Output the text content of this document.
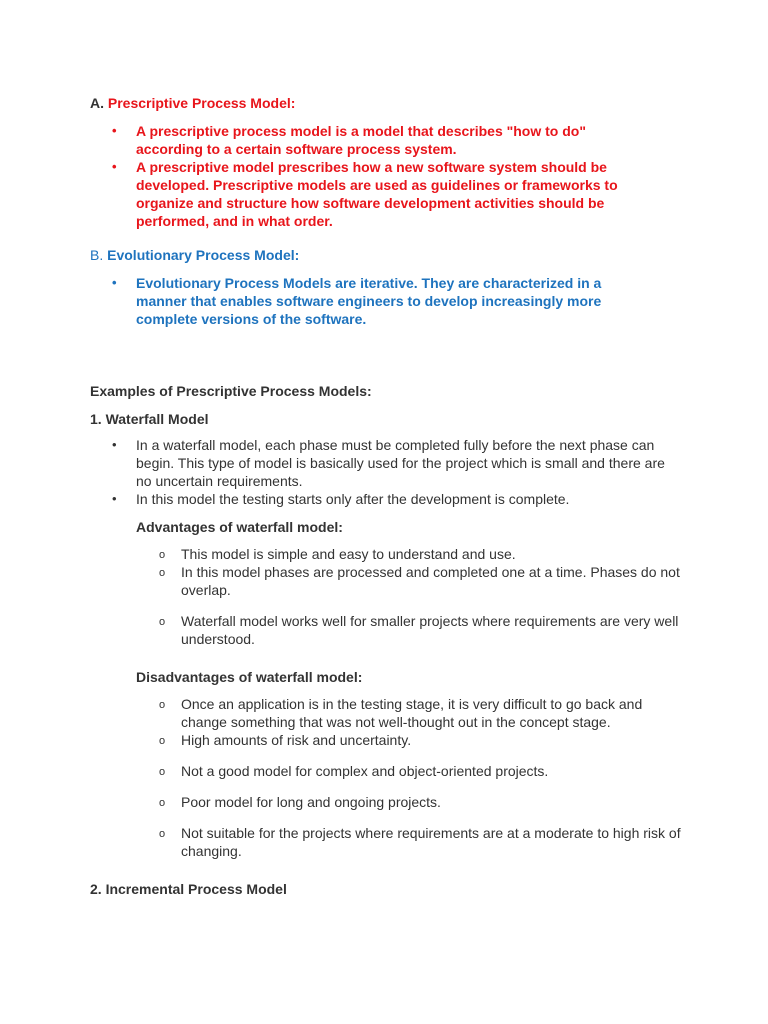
A. Prescriptive Process Model:
• A prescriptive process model is a model that describes "how to do" according to a certain software process system.
• A prescriptive model prescribes how a new software system should be developed. Prescriptive models are used as guidelines or frameworks to organize and structure how software development activities should be performed, and in what order.
B. Evolutionary Process Model:
• Evolutionary Process Models are iterative. They are characterized in a manner that enables software engineers to develop increasingly more complete versions of the software.
Examples of Prescriptive Process Models:
1. Waterfall Model
• In a waterfall model, each phase must be completed fully before the next phase can begin. This type of model is basically used for the project which is small and there are no uncertain requirements.
• In this model the testing starts only after the development is complete.
Advantages of waterfall model:
o This model is simple and easy to understand and use.
o In this model phases are processed and completed one at a time. Phases do not overlap.
o Waterfall model works well for smaller projects where requirements are very well understood.
Disadvantages of waterfall model:
o Once an application is in the testing stage, it is very difficult to go back and change something that was not well-thought out in the concept stage.
o High amounts of risk and uncertainty.
o Not a good model for complex and object-oriented projects.
o Poor model for long and ongoing projects.
o Not suitable for the projects where requirements are at a moderate to high risk of changing.
2. Incremental Process Model
